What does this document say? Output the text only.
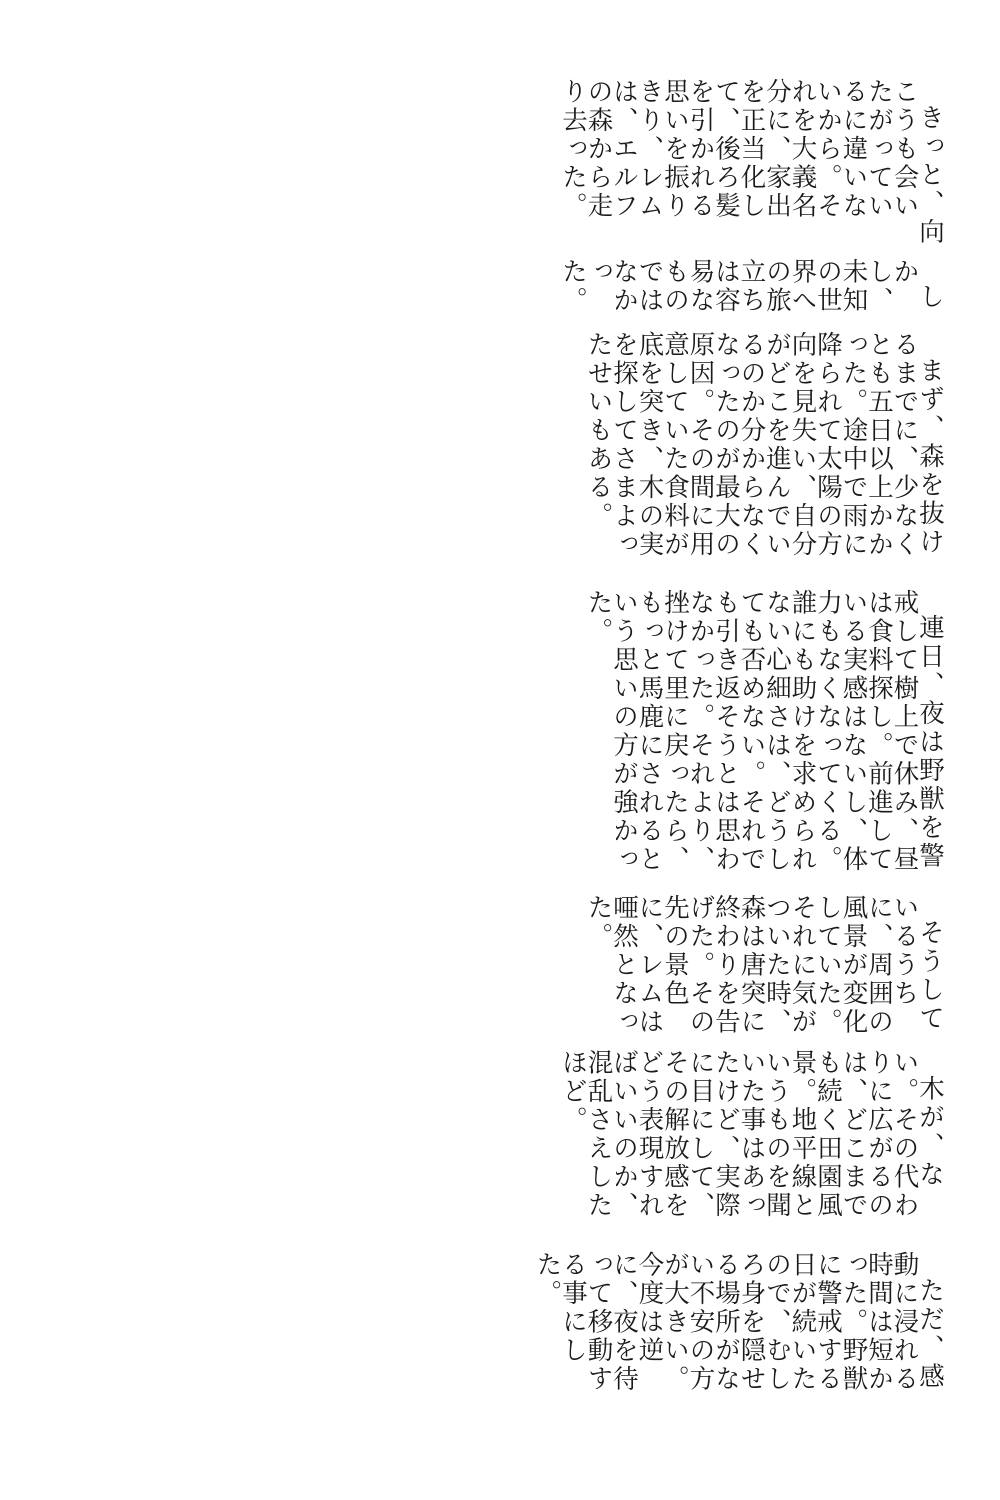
きっと、向こうも会いたがっているに違いないから。それを大義名分に、家出を正当化して、後ろ髪を引かれる思いを振りきり、レムは、エルフの森から走り去った。

しかし、未知の世界への旅立ちは容易なものではなかった。

まず、森を抜けるまでに、少なくとも五日以上かかった。途中で雨に降られて太陽の方向を見失い、自分がどこを進んでいるのか分からなくなったのが最大の原因。その間に用意していた食料が底を突き、木の実を探してさまよったせいもある。

連日、夜は野獣を警戒して樹上で休み、昼は食料探し。前進している実感はないし、体力もなくなってくる。誰にも助けを求められない心細さは、どうしても否めない。それでも引き返そうとは思わなかった。それより、挫けて里に戻ったら、もっと馬鹿にされるという思いの方が強かった。

そうしているうちに、周囲の風景が変化していた。それに気がついた時、森は唐突に終わりを告げた。その先の景色に、レムは唖然となった。

木が、ない。その代わりに広がるのは、どこまでも続く田園風景。地平線というものを聞いた事はあったけど、実際に目にして、その解放感をどう表現すればいいのか、混乱さえしたほど。

ただ、感動に浸れる時間は短かった。野獣に警戒する日が続いたので、むしろ身を隠せる場所がない不安の方が大きい。今度は逆に、夜を待って移動する事にした。
